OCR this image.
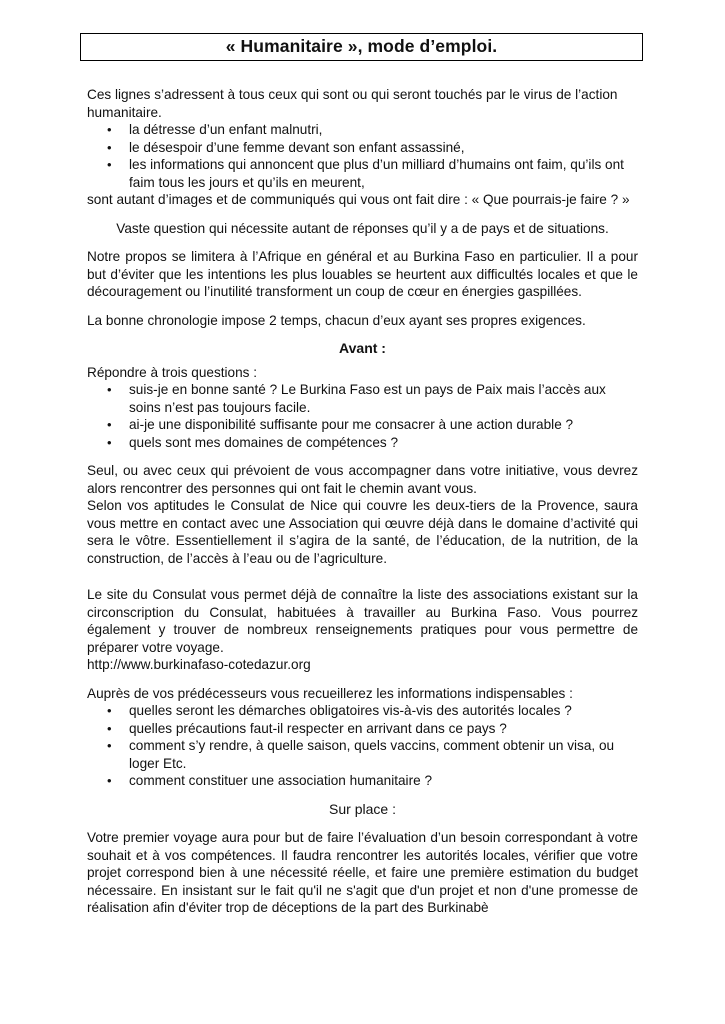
« Humanitaire », mode d’emploi.

Ces lignes s’adressent à tous ceux qui sont ou qui seront touchés par le virus de l’action humanitaire.

• la détresse d’un enfant malnutri,
• le désespoir d’une femme devant son enfant assassiné,
• les informations qui annoncent que plus d’un milliard d’humains ont faim, qu’ils ont faim tous les jours et qu’ils en meurent,

sont autant d’images et de communiqués qui vous ont fait dire : « Que pourrais-je faire ? »

Vaste question qui nécessite autant de réponses qu’il y a de pays et de situations.

Notre propos se limitera à l’Afrique en général et au Burkina Faso en particulier. Il a pour but d’éviter que les intentions les plus louables se heurtent aux difficultés locales et que le découragement ou l’inutilité transforment un coup de cœur en énergies gaspillées.

La bonne chronologie impose 2 temps, chacun d’eux ayant ses propres exigences.

Avant :

Répondre à trois questions :

• suis-je en bonne santé ? Le Burkina Faso est un pays de Paix mais l’accès aux soins n’est pas toujours facile.
• ai-je une disponibilité suffisante pour me consacrer à une action durable ?
• quels sont mes domaines de compétences ?

Seul, ou avec ceux qui prévoient de vous accompagner dans votre initiative, vous devrez alors rencontrer des personnes qui ont fait le chemin avant vous.

Selon vos aptitudes le Consulat de Nice qui couvre les deux-tiers de la Provence, saura vous mettre en contact avec une Association qui œuvre déjà dans le domaine d’activité qui sera le vôtre. Essentiellement il s’agira de la santé, de l’éducation, de la nutrition, de la construction, de l’accès à l’eau ou de l’agriculture.

Le site du Consulat vous permet déjà de connaître la liste des associations existant sur la circonscription du Consulat, habituées à travailler au Burkina Faso. Vous pourrez également y trouver de nombreux renseignements pratiques pour vous permettre de préparer votre voyage.

http://www.burkinafaso-cotedazur.org

Auprès de vos prédécesseurs vous recueillerez les informations indispensables :

• quelles seront les démarches obligatoires vis-à-vis des autorités locales ?
• quelles précautions faut-il respecter en arrivant dans ce pays ?
• comment s’y rendre, à quelle saison, quels vaccins, comment obtenir un visa, ou loger Etc.
• comment constituer une association humanitaire ?

Sur place :

Votre premier voyage aura pour but de faire l’évaluation d’un besoin correspondant à votre souhait et à vos compétences. Il faudra rencontrer les autorités locales, vérifier que votre projet correspond bien à une nécessité réelle, et faire une première estimation du budget nécessaire. En insistant sur le fait qu'il ne s'agit que d'un projet et non d'une promesse de réalisation afin d'éviter trop de déceptions de la part des Burkinabè
